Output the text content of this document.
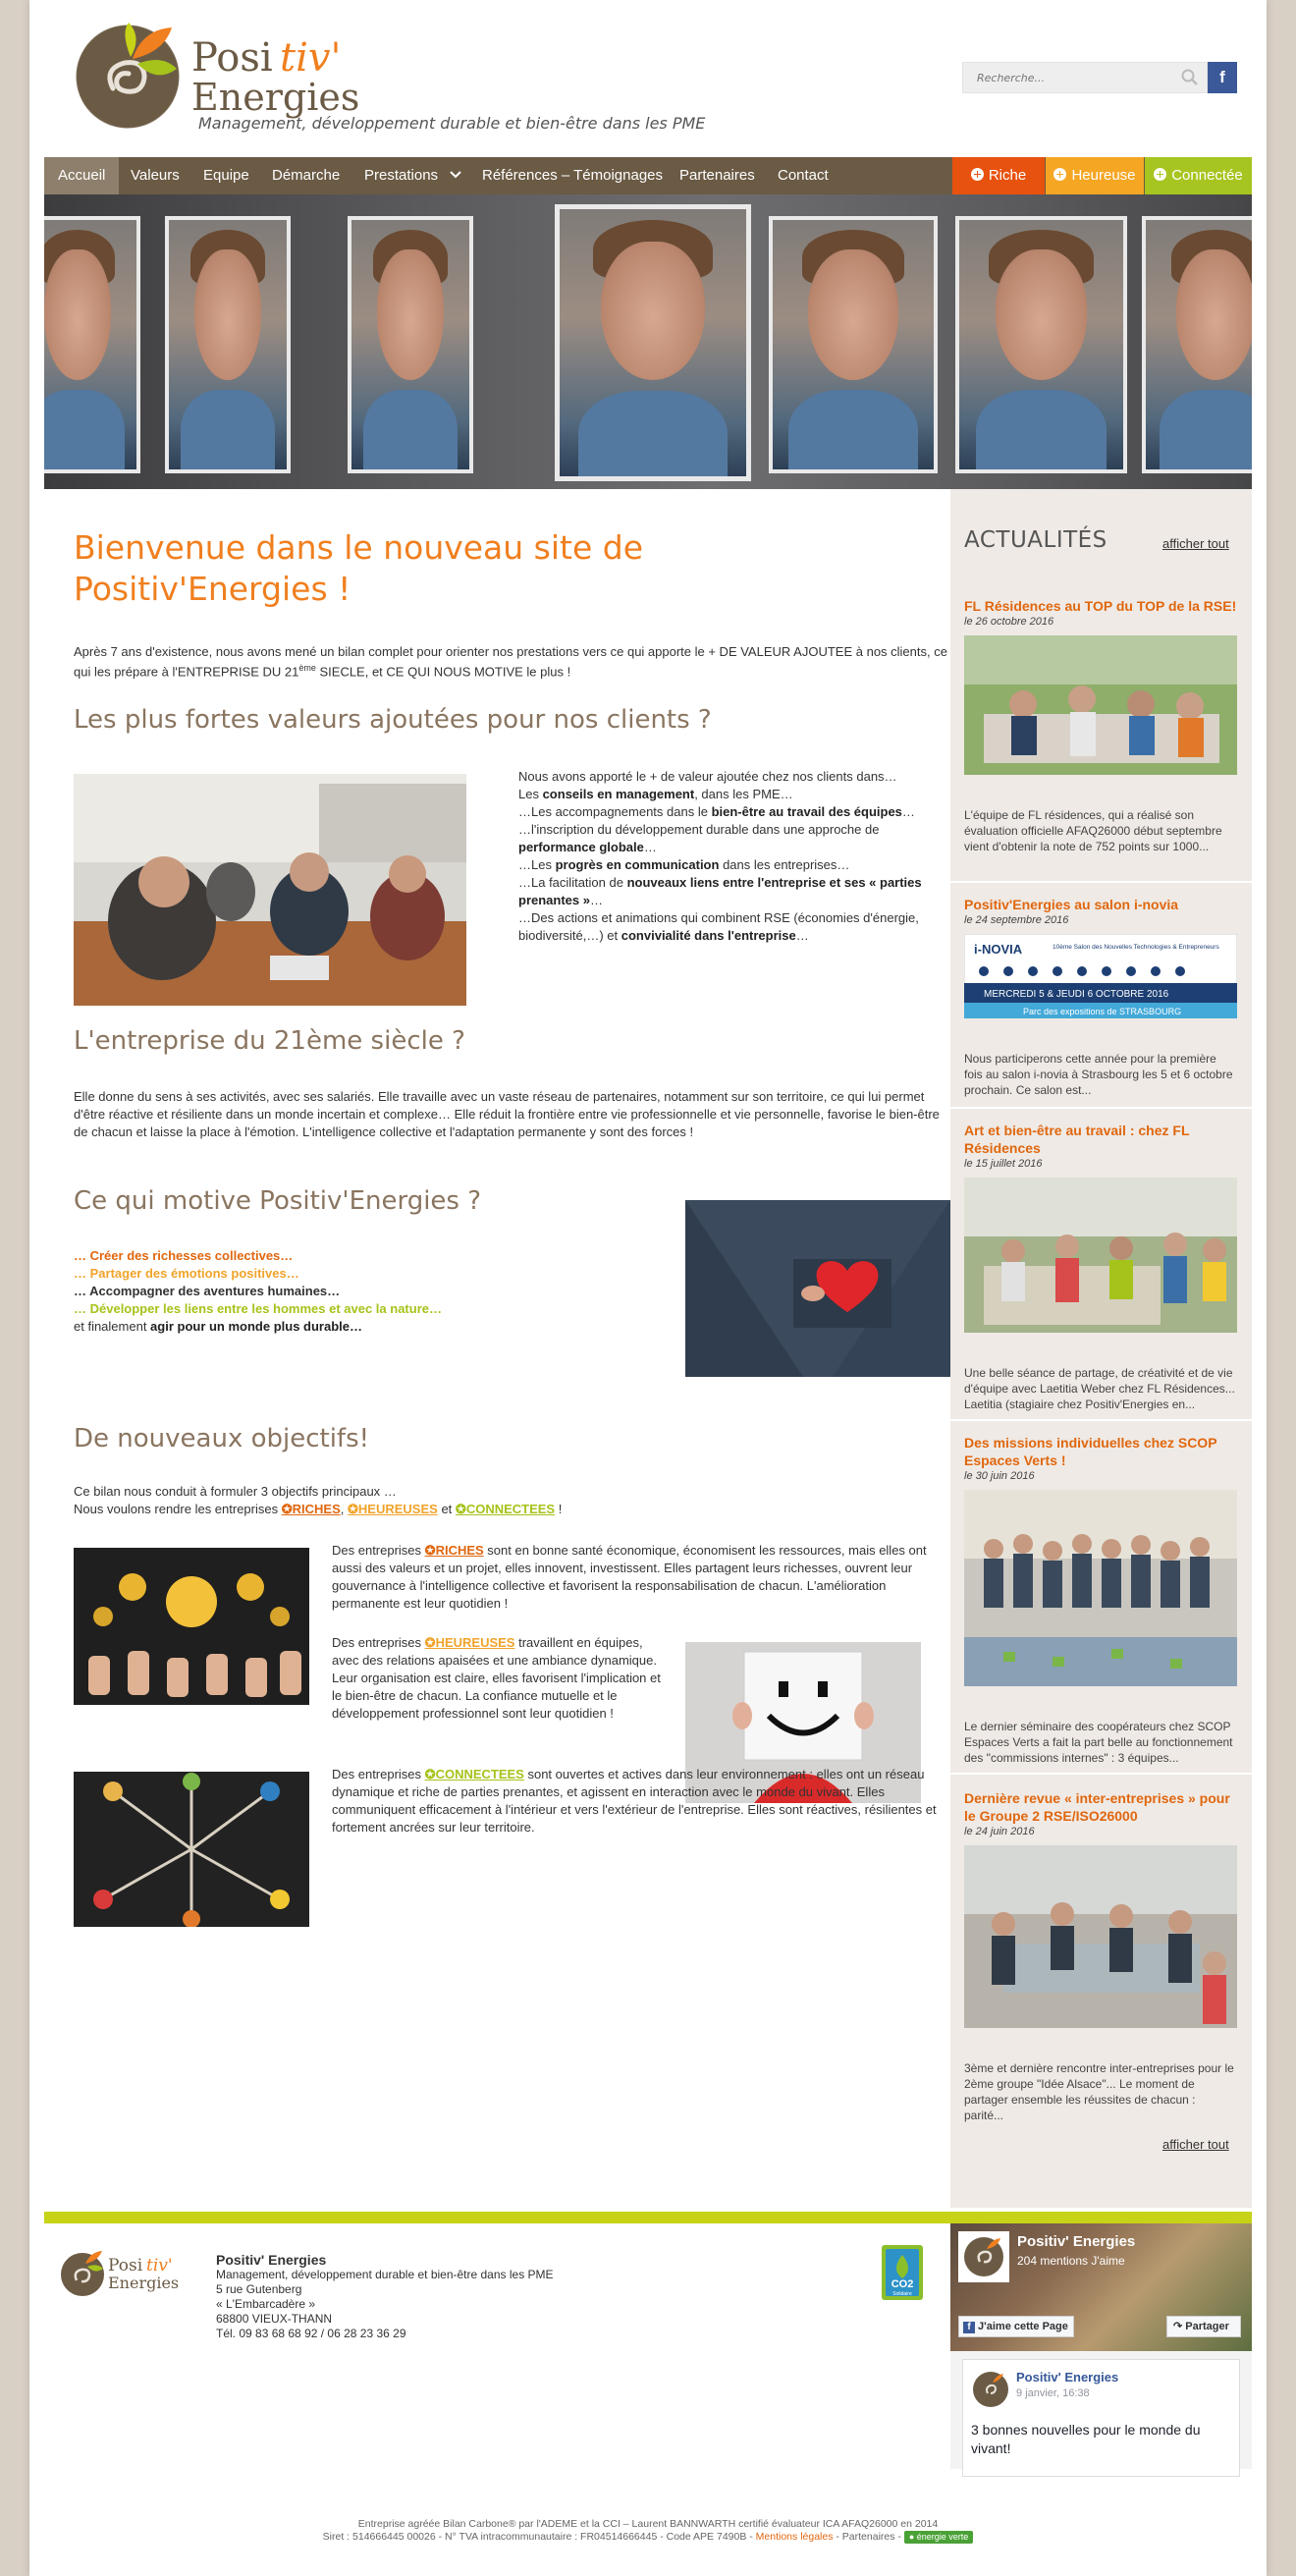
Posi tiv'
Energies
Management, développement durable et bien-être dans les PME
Recherche...
f
Accueil	Valeurs	Equipe	Démarche	Prestations	Références – Témoignages	Partenaires	Contact	Riche	Heureuse	Connectée
Bienvenue dans le nouveau site de Positiv'Energies !
Après 7 ans d'existence, nous avons mené un bilan complet pour orienter nos prestations vers ce qui apporte le + DE VALEUR AJOUTEE à nos clients, ce qui les prépare à l'ENTREPRISE DU 21ème SIECLE, et CE QUI NOUS MOTIVE le plus !
Les plus fortes valeurs ajoutées pour nos clients ?
Nous avons apporté le + de valeur ajoutée chez nos clients dans…
Les conseils en management, dans les PME…
…Les accompagnements dans le bien-être au travail des équipes…
…l'inscription du développement durable dans une approche de performance globale…
…Les progrès en communication dans les entreprises…
…La facilitation de nouveaux liens entre l'entreprise et ses « parties prenantes »…
…Des actions et animations qui combinent RSE (économies d'énergie, biodiversité,…) et convivialité dans l'entreprise…
L'entreprise du 21ème siècle ?
Elle donne du sens à ses activités, avec ses salariés. Elle travaille avec un vaste réseau de partenaires, notamment sur son territoire, ce qui lui permet d'être réactive et résiliente dans un monde incertain et complexe… Elle réduit la frontière entre vie professionnelle et vie personnelle, favorise le bien-être de chacun et laisse la place à l'émotion. L'intelligence collective et l'adaptation permanente y sont des forces !
Ce qui motive Positiv'Energies ?
… Créer des richesses collectives…
… Partager des émotions positives…
… Accompagner des aventures humaines…
… Développer les liens entre les hommes et avec la nature…
et finalement agir pour un monde plus durable…
De nouveaux objectifs!
Ce bilan nous conduit à formuler 3 objectifs principaux …
Nous voulons rendre les entreprises ✪RICHES, ✪HEUREUSES et ✪CONNECTEES !
Des entreprises ✪RICHES sont en bonne santé économique, économisent les ressources, mais elles ont aussi des valeurs et un projet, elles innovent, investissent. Elles partagent leurs richesses, ouvrent leur gouvernance à l'intelligence collective et favorisent la responsabilisation de chacun. L'amélioration permanente est leur quotidien !
Des entreprises ✪HEUREUSES travaillent en équipes, avec des relations apaisées et une ambiance dynamique. Leur organisation est claire, elles favorisent l'implication et le bien-être de chacun. La confiance mutuelle et le développement professionnel sont leur quotidien !
Des entreprises ✪CONNECTEES sont ouvertes et actives dans leur environnement : elles ont un réseau dynamique et riche de parties prenantes, et agissent en interaction avec le monde du vivant. Elles communiquent efficacement à l'intérieur et vers l'extérieur de l'entreprise. Elles sont réactives, résilientes et fortement ancrées sur leur territoire.
ACTUALITÉS	afficher tout
FL Résidences au TOP du TOP de la RSE!
le 26 octobre 2016
L'équipe de FL résidences, qui a réalisé son évaluation officielle AFAQ26000 début septembre vient d'obtenir la note de 752 points sur 1000...
Positiv'Energies au salon i-novia
le 24 septembre 2016
i-NOVIA	10ème Salon des Nouvelles Technologies & Entrepreneurs
MERCREDI 5 & JEUDI 6 OCTOBRE 2016
Parc des expositions de STRASBOURG
Nous participerons cette année pour la première fois au salon i-novia à Strasbourg les 5 et 6 octobre prochain. Ce salon est...
Art et bien-être au travail : chez FL Résidences
le 15 juillet 2016
Une belle séance de partage, de créativité et de vie d'équipe avec Laetitia Weber chez FL Résidences... Laetitia (stagiaire chez Positiv'Energies en...
Des missions individuelles chez SCOP Espaces Verts !
le 30 juin 2016
Le dernier séminaire des coopérateurs chez SCOP Espaces Verts a fait la part belle au fonctionnement des "commissions internes" : 3 équipes...
Dernière revue « inter-entreprises » pour le Groupe 2 RSE/ISO26000
le 24 juin 2016
3ème et dernière rencontre inter-entreprises pour le 2ème groupe "Idée Alsace"... Le moment de partager ensemble les réussites de chacun : parité...
afficher tout
Posi tiv'
Energies
Positiv' Energies
Management, développement durable et bien-être dans les PME
5 rue Gutenberg
« L'Embarcadère »
68800 VIEUX-THANN
Tél. 09 83 68 68 92 / 06 28 23 36 29
CO2
Solidaire
Positiv' Energies
204 mentions J'aime
f J'aime cette Page	↷ Partager
Positiv' Energies
9 janvier, 16:38
3 bonnes nouvelles pour le monde du vivant!
Entreprise agréée Bilan Carbone® par l'ADEME et la CCI – Laurent BANNWARTH certifié évaluateur ICA AFAQ26000 en 2014
Siret : 514666445 00026 - N° TVA intracommunautaire : FR04514666445 - Code APE 7490B - Mentions légales - Partenaires - ● énergie verte
